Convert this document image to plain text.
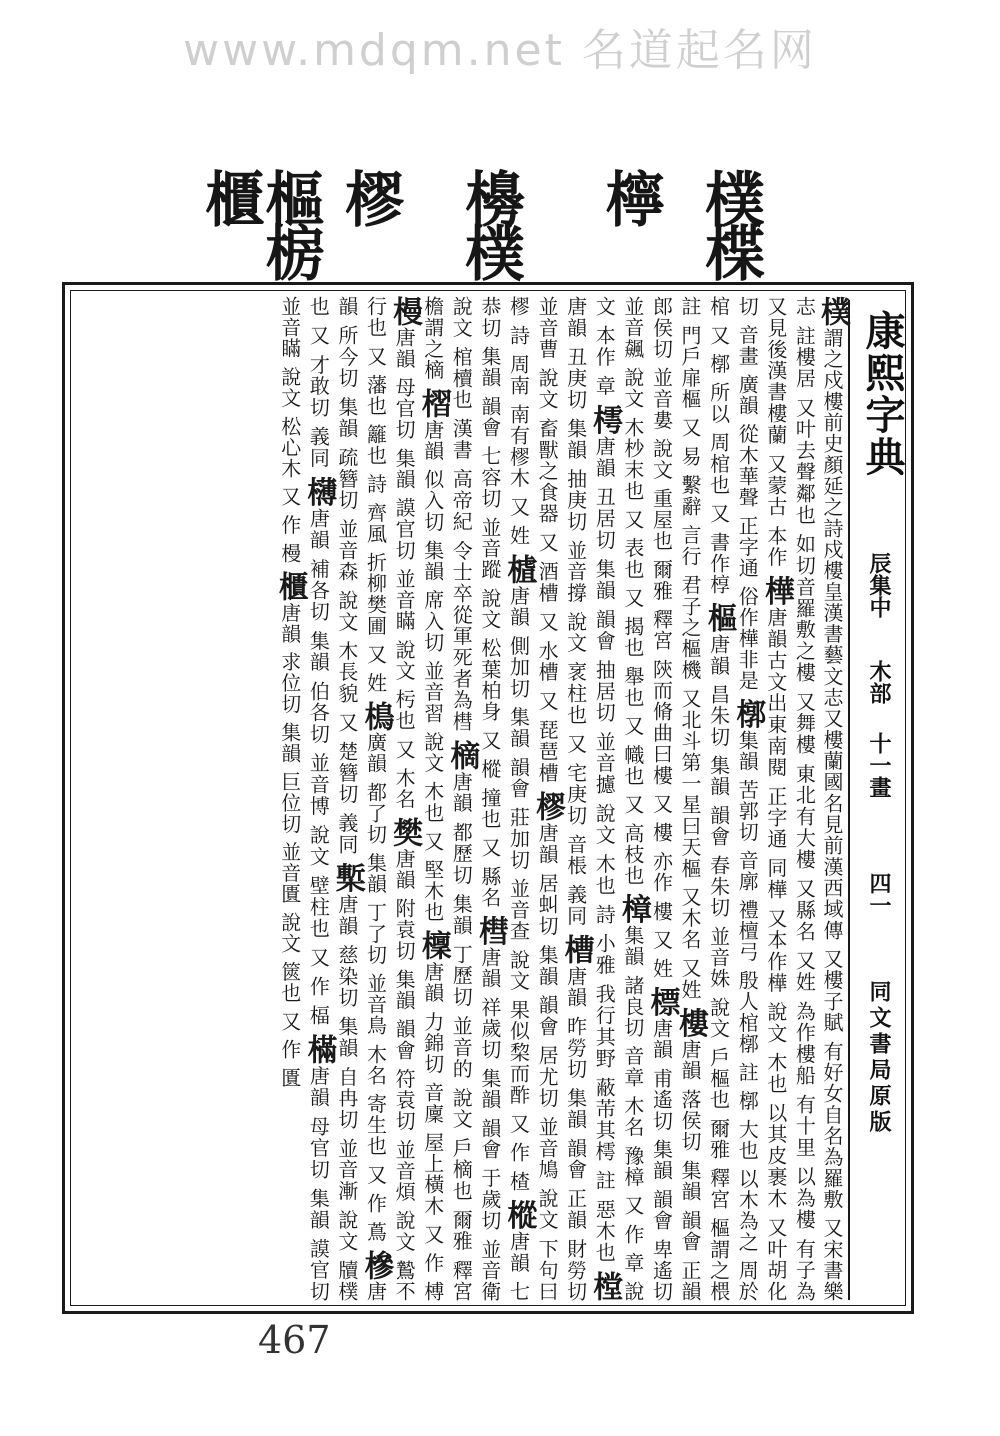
www.mdqm.net 名道起名网
樸楪
檸
櫋樸
樛
樞椖 櫃
康熙字典
辰集中
木部
十一畫
四一
同文書局原版
樸謂之戍樓前史顏延之詩戍樓皇漢書藝文志又樓蘭國名見前漢西域傳 又樓子賦 有好女自名為羅敷 又宋書樂志 註樓居 又叶去聲鄰也 如切音羅敷之樓 又舞樓 東北有大樓 又縣名 又姓 為作樓船 有十里 以為樓 有子為 又見後漢書樓蘭 又蒙古 本作 樺唐韻古文出東南閱 正字通 同樺 又本作樺 說文 木也 以其皮裹木 又叶胡化切 音畫 廣韻 從木華聲 正字通 俗作樺非是 槨集韻 苦郭切 音廓 禮檀弓 殷人棺槨 註 槨 大也 以木為之 周於棺 又 槨 所以 周棺也 又 書作椁 樞唐韻 昌朱切 集韻 韻會 春朱切 並音姝 說文 戶樞也 爾雅 釋宮 樞謂之椳 註 門戶扉樞 又 易 繫辭 言行 君子之樞機 又北斗第一星曰天樞 又木名 又姓 樓唐韻 落侯切 集韻 韻會 正韻 郎侯切 並音婁 說文 重屋也 爾雅 釋宮 陝而脩曲曰樓 又 樓 亦作 樓 又 姓 標唐韻 甫遙切 集韻 韻會 卑遙切 並音飆 說文 木杪末也 又 表也 又 揭也 舉也 又 幟也 又 高枝也 樟集韻 諸良切 音章 木名 豫樟 又 作 章 說文 本作 章 樗唐韻 丑居切 集韻 韻會 抽居切 並音攄 說文 木也 詩 小雅 我行其野 蔽芾其樗 註 惡木也 樘唐韻 丑庚切 集韻 抽庚切 並音撐 說文 衺柱也 又 宅庚切 音棖 義同 槽唐韻 昨勞切 集韻 韻會 正韻 財勞切 並音曹 說文 畜獸之食器 又 酒槽 又 水槽 又 琵琶槽 樛唐韻 居虯切 集韻 韻會 居尤切 並音鳩 說文 下句曰樛 詩 周南 南有樛木 又 姓 樝唐韻 側加切 集韻 韻會 莊加切 並音查 說文 果似棃而酢 又 作 楂 樅唐韻 七恭切 集韻 韻會 七容切 並音蹤 說文 松葉柏身 又 樅 撞也 又 縣名 槥唐韻 祥歲切 集韻 韻會 于歲切 並音衛 說文 棺櫝也 漢書 高帝紀 令士卒從軍死者為槥 樀唐韻 都歷切 集韻 丁歷切 並音的 說文 戶樀也 爾雅 釋宮 檐謂之樀 槢唐韻 似入切 集韻 席入切 並音習 說文 木也 又 堅木也 檁唐韻 力錦切 音廩 屋上橫木 又 作 榑 槾唐韻 母官切 集韻 謨官切 並音瞞 說文 杇也 又 木名 樊唐韻 附袁切 集韻 韻會 符袁切 並音煩 說文 鷙不行也 又 藩也 籬也 詩 齊風 折柳樊圃 又 姓 樢廣韻 都了切 集韻 丁了切 並音鳥 木名 寄生也 又 作 蔦 槮唐韻 所今切 集韻 疏簪切 並音森 說文 木長貌 又 楚簪切 義同 槧唐韻 慈染切 集韻 自冉切 並音漸 說文 牘樸也 又 才敢切 義同 欂唐韻 補各切 集韻 伯各切 並音博 說文 壁柱也 又 作 楅 樠唐韻 母官切 集韻 謨官切 並音瞞 說文 松心木 又 作 槾 櫃唐韻 求位切 集韻 巨位切 並音匱 說文 篋也 又 作 匱
467
